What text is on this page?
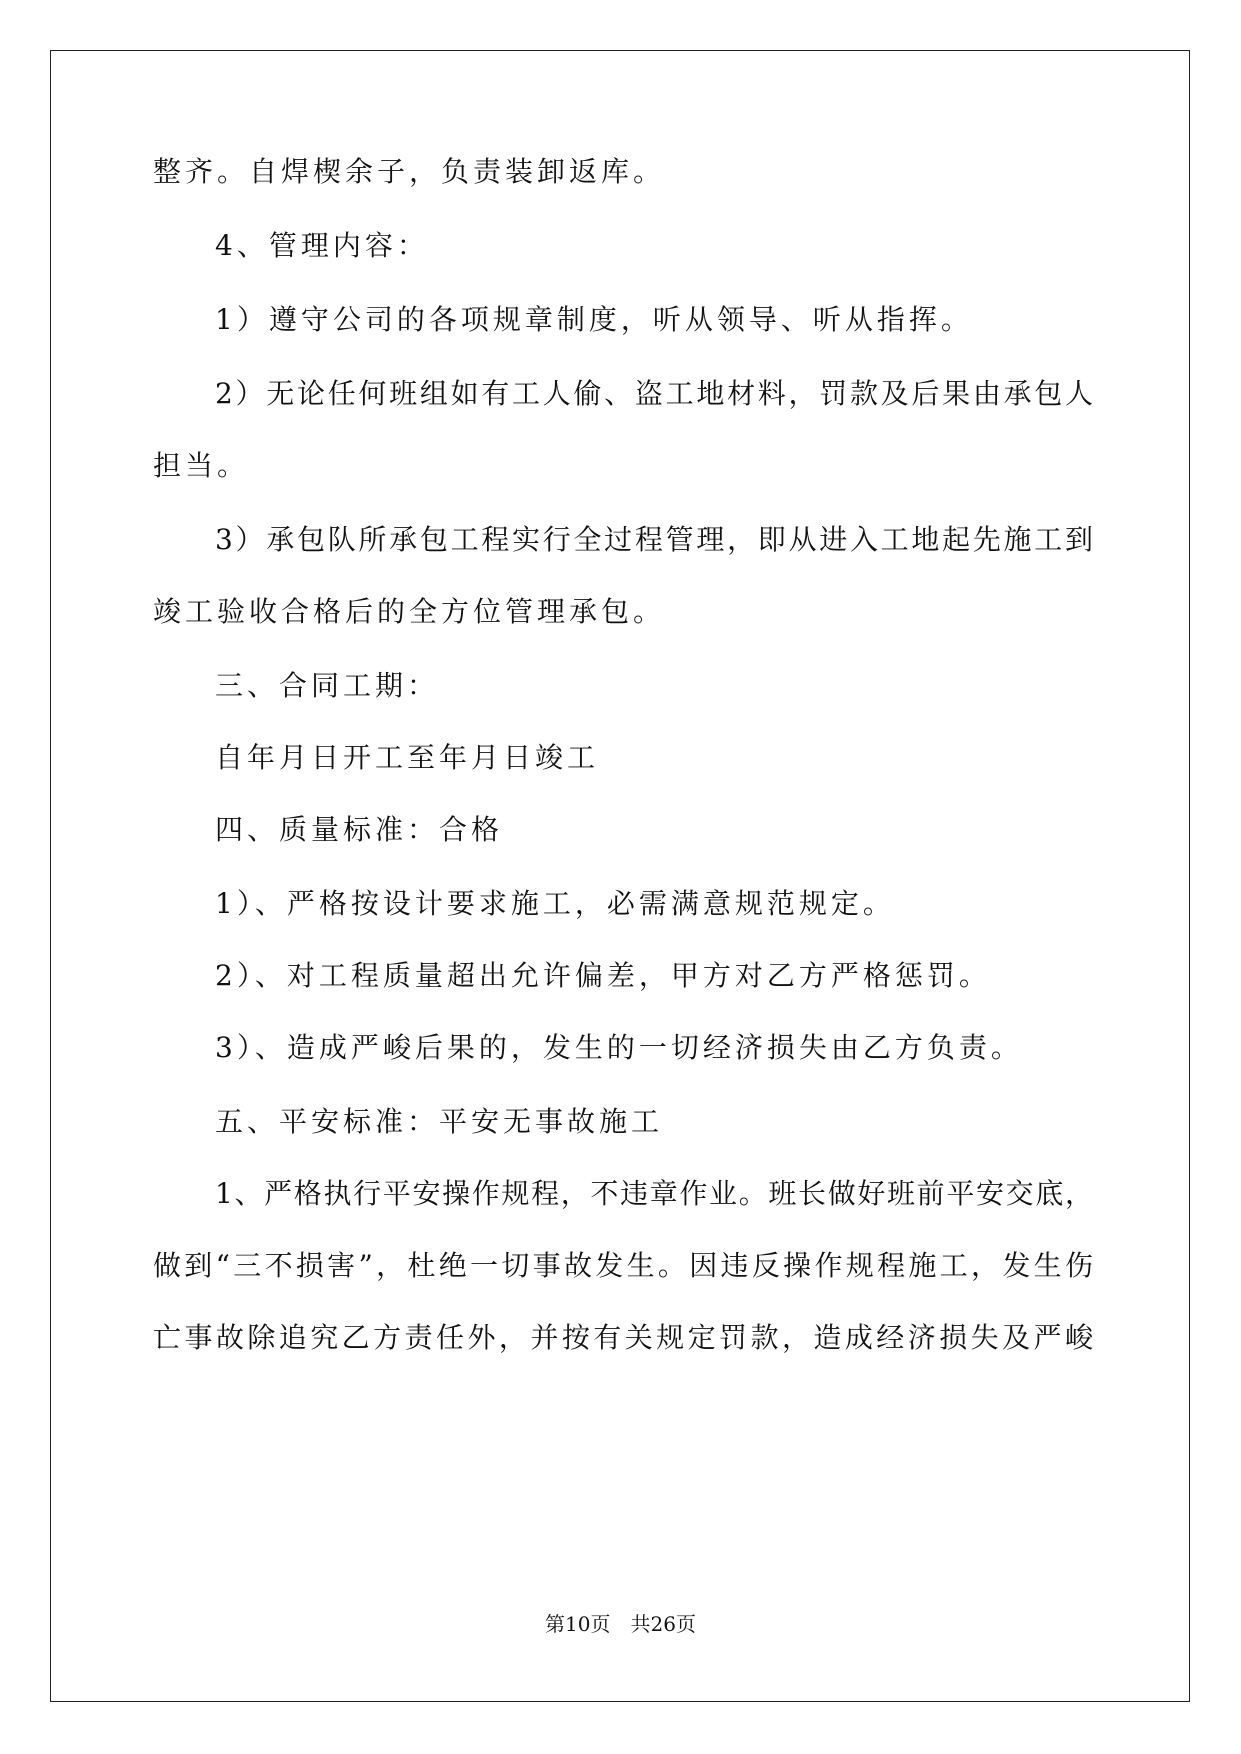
整齐。自焊楔余子，负责装卸返库。
4、管理内容：
1）遵守公司的各项规章制度，听从领导、听从指挥。
2）无论任何班组如有工人偷、盗工地材料，罚款及后果由承包人
担当。
3）承包队所承包工程实行全过程管理，即从进入工地起先施工到
竣工验收合格后的全方位管理承包。
三、合同工期：
自年月日开工至年月日竣工
四、质量标准：合格
1）、严格按设计要求施工，必需满意规范规定。
2）、对工程质量超出允许偏差，甲方对乙方严格惩罚。
3）、造成严峻后果的，发生的一切经济损失由乙方负责。
五、平安标准：平安无事故施工
1、严格执行平安操作规程，不违章作业。班长做好班前平安交底，
做到“三不损害”，杜绝一切事故发生。因违反操作规程施工，发生伤
亡事故除追究乙方责任外，并按有关规定罚款，造成经济损失及严峻
第10页　共26页
